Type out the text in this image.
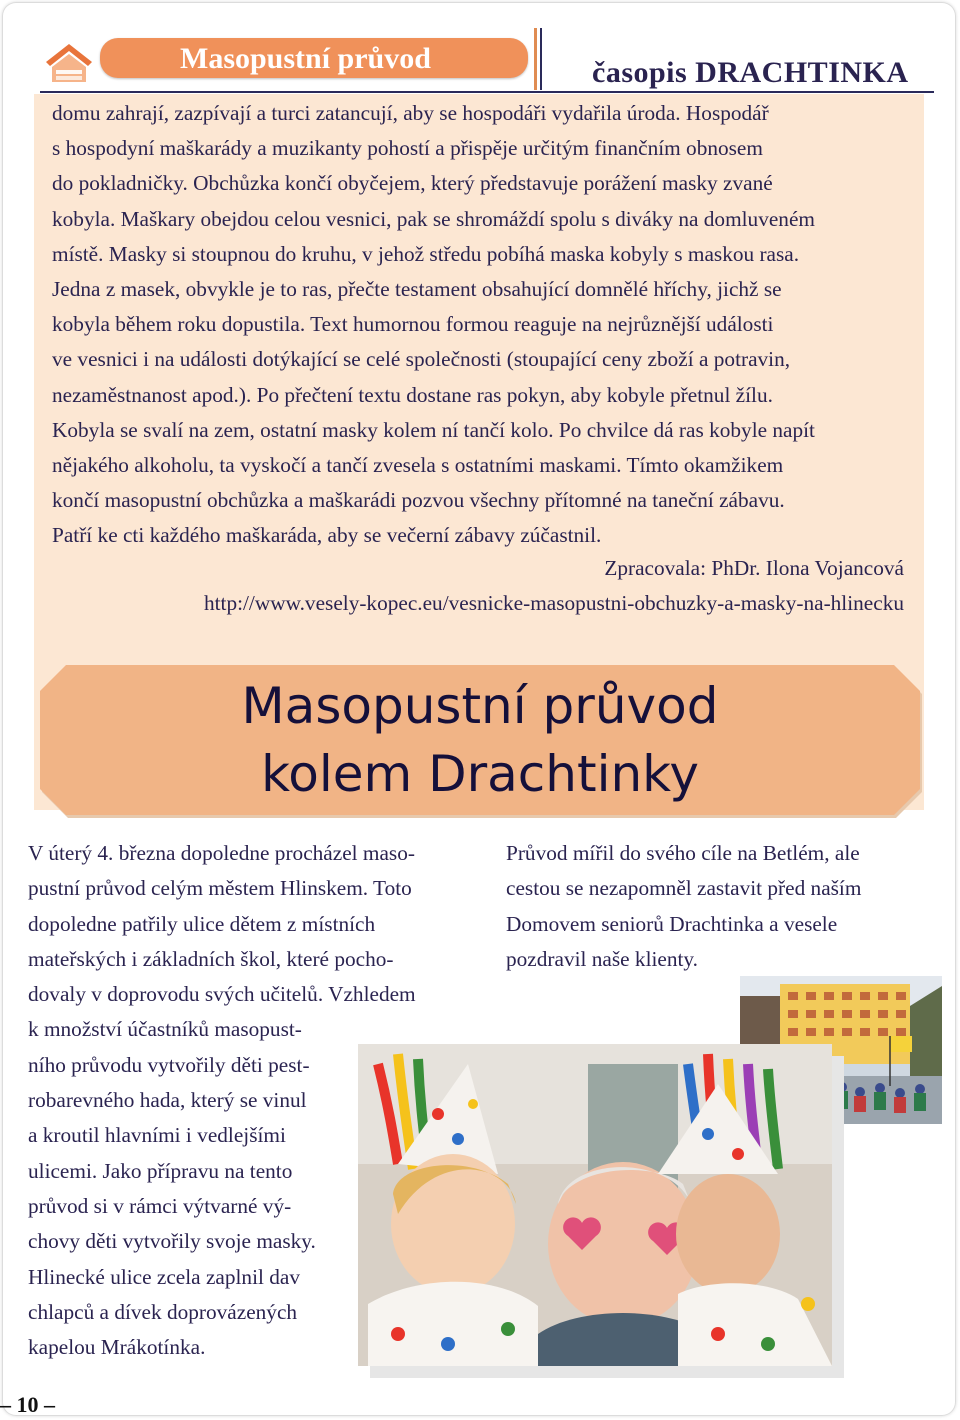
Masopustní průvod	časopis DRACHTINKA
domu zahrají, zazpívají a turci zatancují, aby se hospodáři vydařila úroda. Hospodář
s hospodyní maškarády a muzikanty pohostí a přispěje určitým finančním obnosem
do pokladničky. Obchůzka končí obyčejem, který představuje porážení masky zvané
kobyla. Maškary obejdou celou vesnici, pak se shromáždí spolu s diváky na domluveném
místě. Masky si stoupnou do kruhu, v jehož středu pobíhá maska kobyly s maskou rasa.
Jedna z masek, obvykle je to ras, přečte testament obsahující domnělé hříchy, jichž se
kobyla během roku dopustila. Text humornou formou reaguje na nejrůznější události
ve vesnici i na události dotýkající se celé společnosti (stoupající ceny zboží a potravin,
nezaměstnanost apod.). Po přečtení textu dostane ras pokyn, aby kobyle přetnul žílu.
Kobyla se svalí na zem, ostatní masky kolem ní tančí kolo. Po chvilce dá ras kobyle napít
nějakého alkoholu, ta vyskočí a tančí zvesela s ostatními maskami. Tímto okamžikem
končí masopustní obchůzka a maškarádi pozvou všechny přítomné na taneční zábavu.
Patří ke cti každého maškaráda, aby se večerní zábavy zúčastnil.
Zpracovala: PhDr. Ilona Vojancová
http://www.vesely-kopec.eu/vesnicke-masopustni-obchuzky-a-masky-na-hlinecku
Masopustní průvod
kolem Drachtinky
V úterý 4. března dopoledne procházel maso-
pustní průvod celým městem Hlinskem. Toto
dopoledne patřily ulice dětem z místních
mateřských i základních škol, které pocho-
dovaly v doprovodu svých učitelů. Vzhledem
k množství účastníků masopust-
ního průvodu vytvořily děti pest-
robarevného hada, který se vinul
a kroutil hlavními i vedlejšími
ulicemi. Jako přípravu na tento
průvod si v rámci výtvarné vý-
chovy děti vytvořily svoje masky.
Hlinecké ulice zcela zaplnil dav
chlapců a dívek doprovázených
kapelou Mrákotínka.
Průvod mířil do svého cíle na Betlém, ale
cestou se nezapomněl zastavit před naším
Domovem seniorů Drachtinka a vesele
pozdravil naše klienty.
– 10 –
